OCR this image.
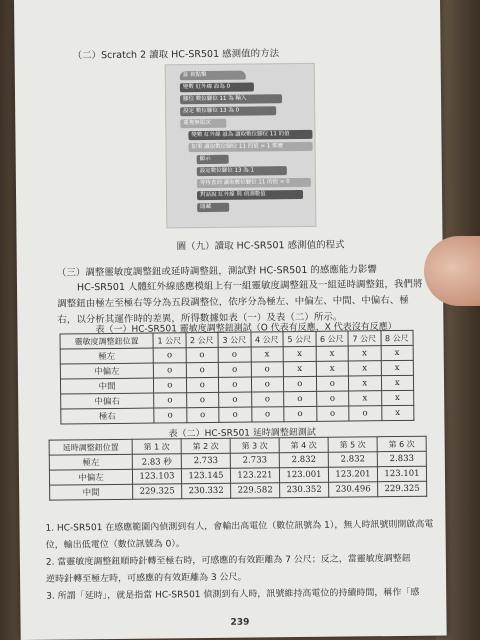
（二）Scratch 2 讀取 HC-SR501 感測值的方法
當 被點擊
變數 紅外線 設為 0
腳位 數位腳位 11 為 輸入
設定 數位腳位 13 為 0
重複無限次
變數 紅外線 設為 讀取數位腳位 11 的值
如果 讀取數位腳位 11 的值 = 1 那麼
顯示
設定數位腳位 13 為 1
等待直到 讀取數位腳位 11 的值 = 0
對話說 紅外線 與 偵測數值
隱藏
圖（九）讀取 HC-SR501 感測值的程式
（三）調整靈敏度調整鈕或延時調整鈕，測試對 HC-SR501 的感應能力影響
HC-SR501 人體紅外線感應模組上有一組靈敏度調整鈕及一組延時調整鈕，我們將調整鈕由極左至極右等分為五段調整位，依序分為極左、中偏左、中間、中偏右、極右，以分析其運作時的差異，所得數據如表（一）及表（二）所示。
表（一）HC-SR501 靈敏度調整鈕測試（O 代表有反應，X 代表沒有反應）
靈敏度調整鈕位置	1 公尺	2 公尺	3 公尺	4 公尺	5 公尺	6 公尺	7 公尺	8 公尺
極左	o	o	o	x	x	x	x	x
中偏左	o	o	o	o	x	x	x	x
中間	o	o	o	o	o	o	x	x
中偏右	o	o	o	o	o	o	x	x
極右	o	o	o	o	o	o	o	x
表（二）HC-SR501 延時調整鈕測試
延時調整鈕位置	第 1 次	第 2 次	第 3 次	第 4 次	第 5 次	第 6 次
極左	2.83 秒	2.733	2.733	2.832	2.832	2.833
中偏左	123.103	123.145	123.221	123.001	123.201	123.101
中間	229.325	230.332	229.582	230.352	230.496	229.325
1. HC-SR501 在感應範圍內偵測到有人，會輸出高電位（數位訊號為 1），無人時訊號則開啟高電
位，輸出低電位（數位訊號為 0）。
2. 當靈敏度調整鈕順時針轉至極右時，可感應的有效距離為 7 公尺；反之，當靈敏度調整鈕
逆時針轉至極左時，可感應的有效距離為 3 公尺。
3. 所謂「延時」，就是指當 HC-SR501 偵測到有人時，訊號維持高電位的持續時間，稱作「感
239
